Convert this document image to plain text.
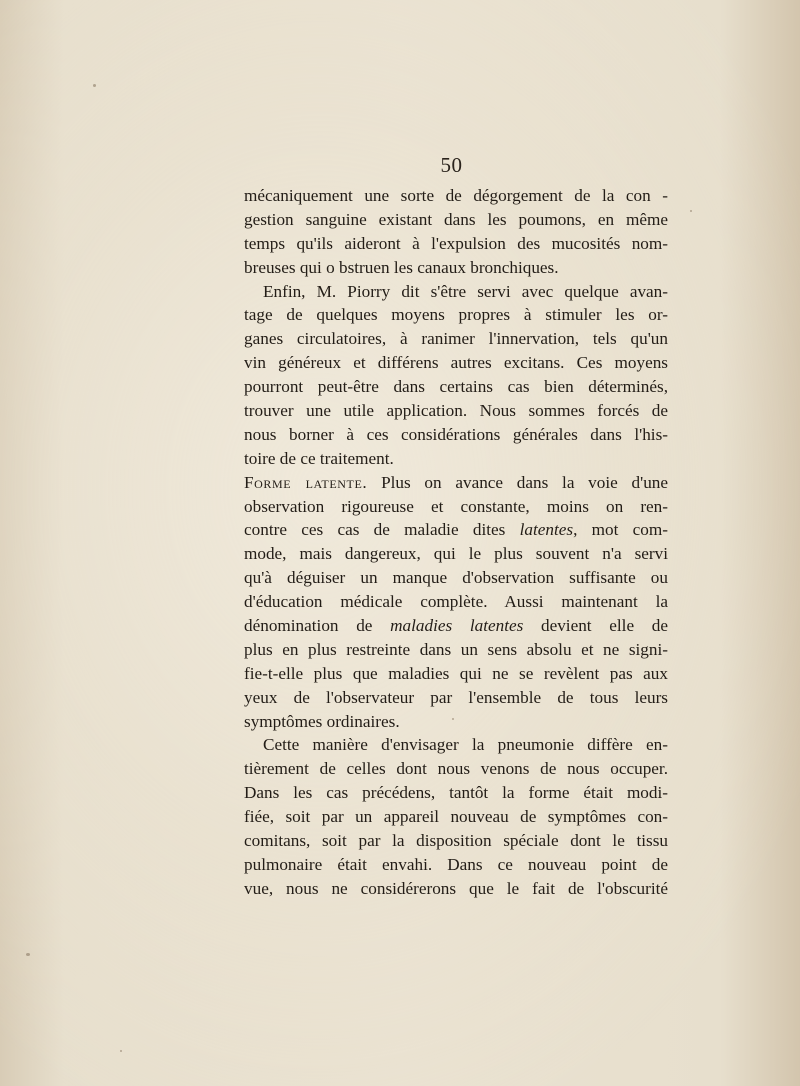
50

mécaniquement une sorte de dégorgement de la con -
gestion sanguine existant dans les poumons, en même
temps qu'ils aideront à l'expulsion des mucosités nom-
breuses qui o bstruen les canaux bronchiques.

Enfin, M. Piorry dit s'être servi avec quelque avan-
tage de quelques moyens propres à stimuler les or-
ganes circulatoires, à ranimer l'innervation, tels qu'un
vin généreux et différens autres excitans. Ces moyens
pourront peut-être dans certains cas bien déterminés,
trouver une utile application. Nous sommes forcés de
nous borner à ces considérations générales dans l'his-
toire de ce traitement.

Forme latente. Plus on avance dans la voie d'une
observation rigoureuse et constante, moins on ren-
contre ces cas de maladie dites latentes, mot com-
mode, mais dangereux, qui le plus souvent n'a servi
qu'à déguiser un manque d'observation suffisante ou
d'éducation médicale complète. Aussi maintenant la
dénomination de maladies latentes devient elle de
plus en plus restreinte dans un sens absolu et ne signi-
fie-t-elle plus que maladies qui ne se revèlent pas aux
yeux de l'observateur par l'ensemble de tous leurs
symptômes ordinaires.

Cette manière d'envisager la pneumonie diffère en-
tièrement de celles dont nous venons de nous occuper.
Dans les cas précédens, tantôt la forme était modi-
fiée, soit par un appareil nouveau de symptômes con-
comitans, soit par la disposition spéciale dont le tissu
pulmonaire était envahi. Dans ce nouveau point de
vue, nous ne considérerons que le fait de l'obscurité
